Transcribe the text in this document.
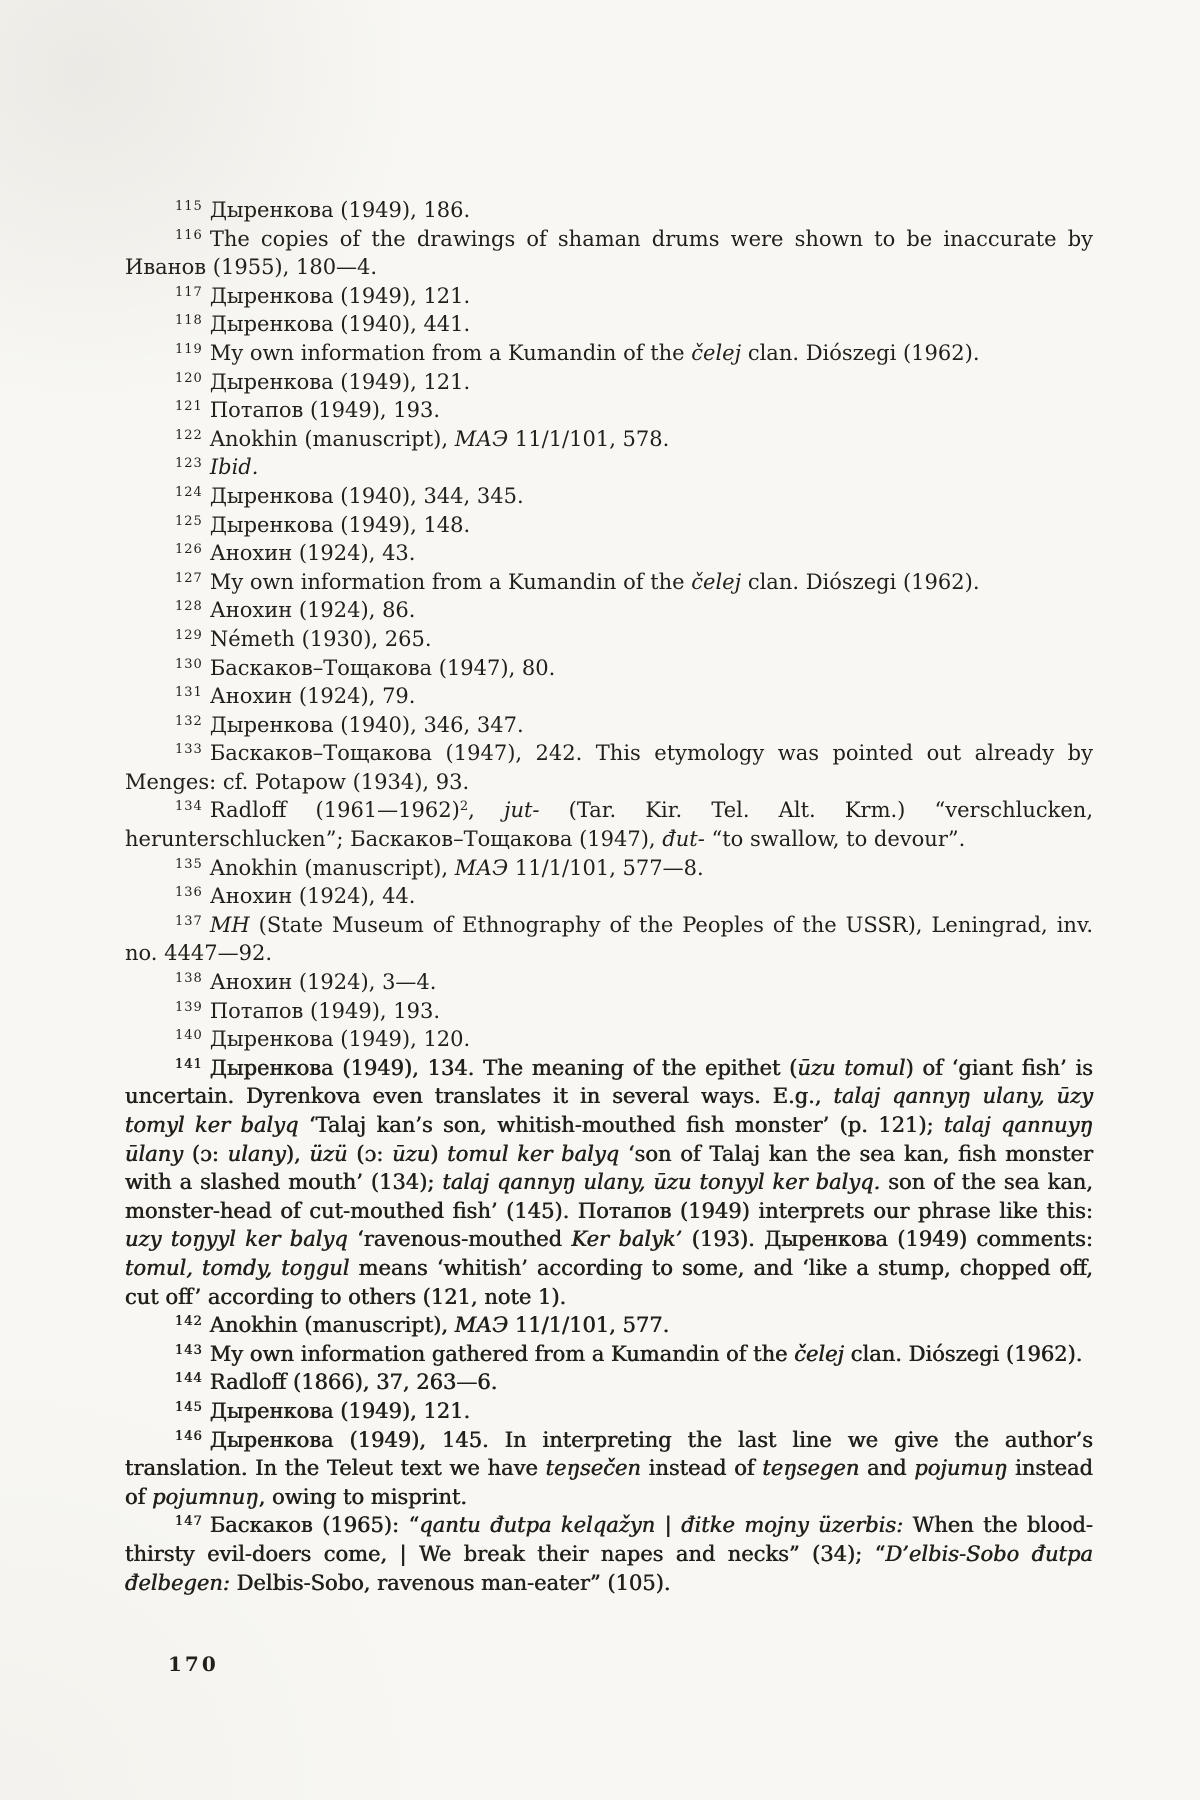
$^{115}$ Дыренкова (1949), 186.

$^{116}$ The copies of the drawings of shaman drums were shown to be inaccurate by Иванов (1955), 180—4.

$^{117}$ Дыренкова (1949), 121.

$^{118}$ Дыренкова (1940), 441.

$^{119}$ My own information from a Kumandin of the čelej clan. Diószegi (1962).

$^{120}$ Дыренкова (1949), 121.

$^{121}$ Потапов (1949), 193.

$^{122}$ Anokhin (manuscript), МАЭ 11/1/101, 578.

$^{123}$ Ibid.

$^{124}$ Дыренкова (1940), 344, 345.

$^{125}$ Дыренкова (1949), 148.

$^{126}$ Анохин (1924), 43.

$^{127}$ My own information from a Kumandin of the čelej clan. Diószegi (1962).

$^{128}$ Анохин (1924), 86.

$^{129}$ Németh (1930), 265.

$^{130}$ Баскаков–Тощакова (1947), 80.

$^{131}$ Анохин (1924), 79.

$^{132}$ Дыренкова (1940), 346, 347.

$^{133}$ Баскаков–Тощакова (1947), 242. This etymology was pointed out already by Menges: cf. Potapow (1934), 93.

$^{134}$ Radloff (1961—1962)$^2$, jut- (Tar. Kir. Tel. Alt. Krm.) “verschlucken, herunterschlucken”; Баскаков–Тощакова (1947), đut- “to swallow, to devour”.

$^{135}$ Anokhin (manuscript), МАЭ 11/1/101, 577—8.

$^{136}$ Анохин (1924), 44.

$^{137}$ MH (State Museum of Ethnography of the Peoples of the USSR), Leningrad, inv. no. 4447—92.

$^{138}$ Анохин (1924), 3—4.

$^{139}$ Потапов (1949), 193.

$^{140}$ Дыренкова (1949), 120.

$^{141}$ Дыренкова (1949), 134. The meaning of the epithet (ūzu tomul) of ‘giant fish’ is uncertain. Dyrenkova even translates it in several ways. E.g., talaj qannyŋ ulany, ūzy tomyl ker balyq ‘Talaj kan’s son, whitish-mouthed fish monster’ (p. 121); talaj qannuyŋ ūlany (ɔ: ulany), üzü (ɔ: ūzu) tomul ker balyq ‘son of Talaj kan the sea kan, fish monster with a slashed mouth’ (134); talaj qannyŋ ulany, ūzu tonyyl ker balyq. son of the sea kan, monster-head of cut-mouthed fish’ (145). Потапов (1949) interprets our phrase like this: uzy toŋyyl ker balyq ‘ravenous-mouthed Ker balyk’ (193). Дыренкова (1949) comments: tomul, tomdy, toŋgul means ‘whitish’ according to some, and ‘like a stump, chopped off, cut off’ according to others (121, note 1).

$^{142}$ Anokhin (manuscript), МАЭ 11/1/101, 577.

$^{143}$ My own information gathered from a Kumandin of the čelej clan. Diószegi (1962).

$^{144}$ Radloff (1866), 37, 263—6.

$^{145}$ Дыренкова (1949), 121.

$^{146}$ Дыренкова (1949), 145. In interpreting the last line we give the author’s translation. In the Teleut text we have teŋsečen instead of teŋsegen and pojumuŋ instead of pojumnuŋ, owing to misprint.

$^{147}$ Баскаков (1965): “qantu đutpa kelqažyn | đitke mojny üzerbis: When the blood-thirsty evil-doers come, | We break their napes and necks” (34); “D’elbis-Sobo đutpa đelbegen: Delbis-Sobo, ravenous man-eater” (105).

170
